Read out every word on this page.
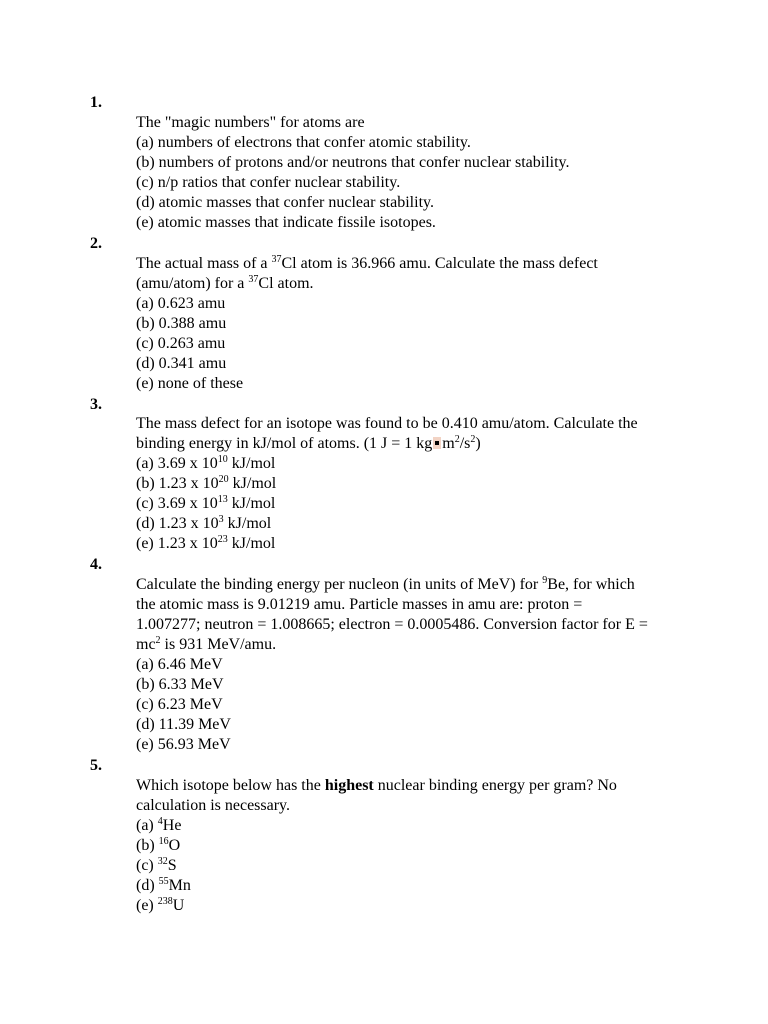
1.

The "magic numbers" for atoms are

(a) numbers of electrons that confer atomic stability.

(b) numbers of protons and/or neutrons that confer nuclear stability.

(c) n/p ratios that confer nuclear stability.

(d) atomic masses that confer nuclear stability.

(e) atomic masses that indicate fissile isotopes.

2.

The actual mass of a $^{37}$Cl atom is 36.966 amu. Calculate the mass defect

(amu/atom) for a $^{37}$Cl atom.

(a) 0.623 amu

(b) 0.388 amu

(c) 0.263 amu

(d) 0.341 amu

(e) none of these

3.

The mass defect for an isotope was found to be 0.410 amu/atom. Calculate the

binding energy in kJ/mol of atoms. (1 J = 1 kg $m^2/s^2$)

(a) 3.69 x $10^{10}$ kJ/mol

(b) 1.23 x $10^{20}$ kJ/mol

(c) 3.69 x $10^{13}$ kJ/mol

(d) 1.23 x $10^3$ kJ/mol

(e) 1.23 x $10^{23}$ kJ/mol

4.

Calculate the binding energy per nucleon (in units of MeV) for $^9$Be, for which

the atomic mass is 9.01219 amu. Particle masses in amu are: proton =

1.007277; neutron = 1.008665; electron = 0.0005486. Conversion factor for E =

$mc^2$ is 931 MeV/amu.

(a) 6.46 MeV

(b) 6.33 MeV

(c) 6.23 MeV

(d) 11.39 MeV

(e) 56.93 MeV

5.

Which isotope below has the highest nuclear binding energy per gram? No

calculation is necessary.

(a) $^4$He

(b) $^{16}$O

(c) $^{32}$S

(d) $^{55}$Mn

(e) $^{238}$U
